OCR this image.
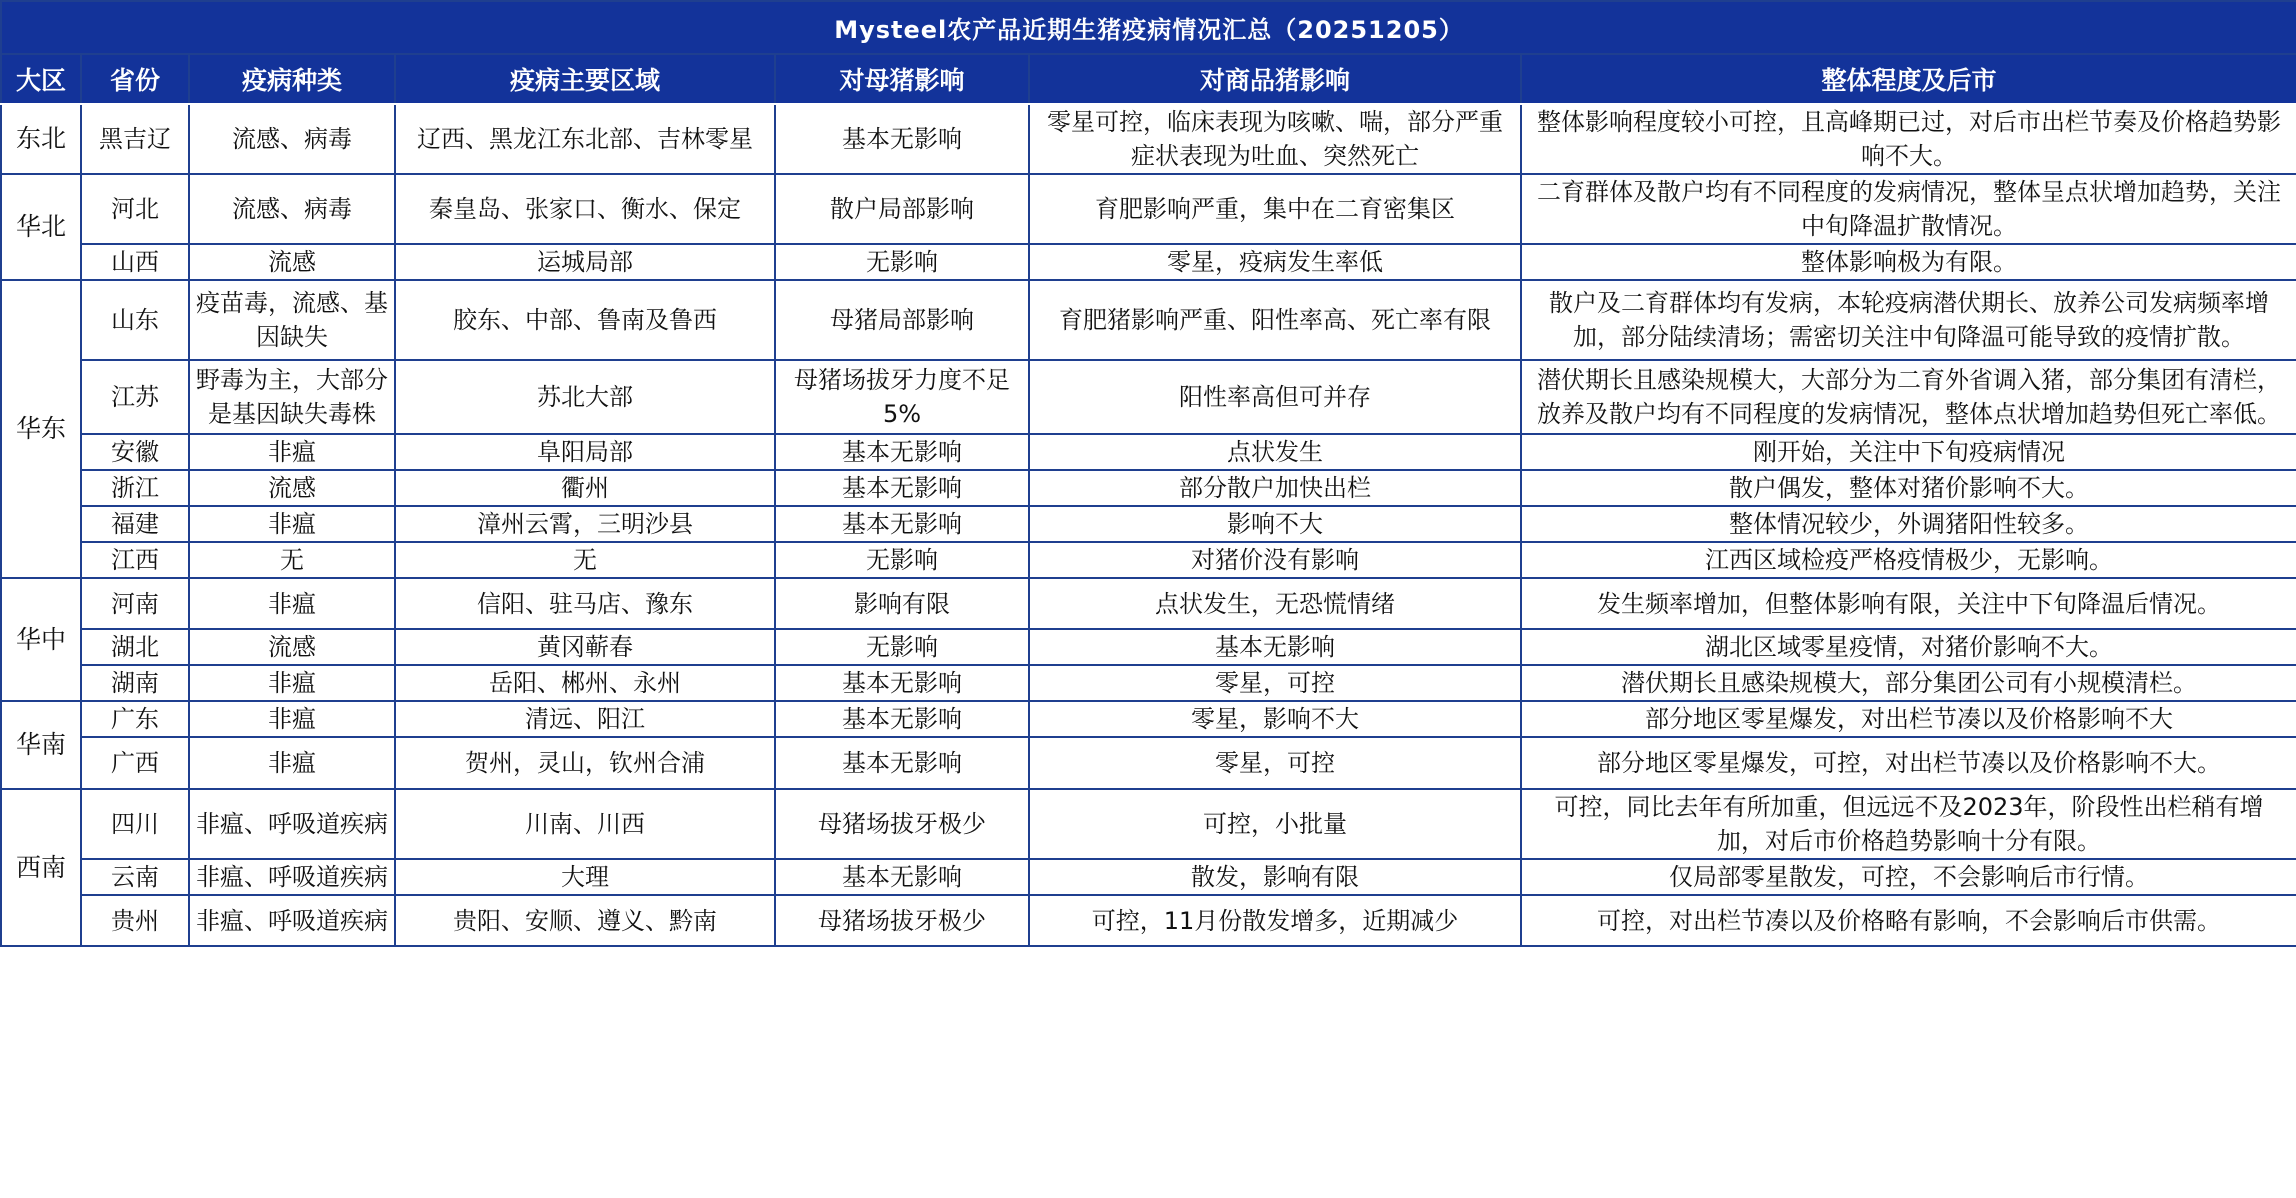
Mysteel农产品近期生猪疫病情况汇总（20251205）						
大区	省份	疫病种类	疫病主要区域	对母猪影响	对商品猪影响	整体程度及后市
东北	黑吉辽	流感、病毒	辽西、黑龙江东北部、吉林零星	基本无影响	零星可控，临床表现为咳嗽、喘，部分严重症状表现为吐血、突然死亡	整体影响程度较小可控，且高峰期已过，对后市出栏节奏及价格趋势影响不大。
华北	河北	流感、病毒	秦皇岛、张家口、衡水、保定	散户局部影响	育肥影响严重，集中在二育密集区	二育群体及散户均有不同程度的发病情况，整体呈点状增加趋势，关注中旬降温扩散情况。
	山西	流感	运城局部	无影响	零星，疫病发生率低	整体影响极为有限。
华东	山东	疫苗毒，流感、基因缺失	胶东、中部、鲁南及鲁西	母猪局部影响	育肥猪影响严重、阳性率高、死亡率有限	散户及二育群体均有发病，本轮疫病潜伏期长、放养公司发病频率增加，部分陆续清场；需密切关注中旬降温可能导致的疫情扩散。
	江苏	野毒为主，大部分是基因缺失毒株	苏北大部	母猪场拔牙力度不足5%	阳性率高但可并存	潜伏期长且感染规模大，大部分为二育外省调入猪，部分集团有清栏，放养及散户均有不同程度的发病情况，整体点状增加趋势但死亡率低。
	安徽	非瘟	阜阳局部	基本无影响	点状发生	刚开始，关注中下旬疫病情况
	浙江	流感	衢州	基本无影响	部分散户加快出栏	散户偶发，整体对猪价影响不大。
	福建	非瘟	漳州云霄，三明沙县	基本无影响	影响不大	整体情况较少，外调猪阳性较多。
	江西	无	无	无影响	对猪价没有影响	江西区域检疫严格疫情极少，无影响。
华中	河南	非瘟	信阳、驻马店、豫东	影响有限	点状发生，无恐慌情绪	发生频率增加，但整体影响有限，关注中下旬降温后情况。
	湖北	流感	黄冈蕲春	无影响	基本无影响	湖北区域零星疫情，对猪价影响不大。
	湖南	非瘟	岳阳、郴州、永州	基本无影响	零星，可控	潜伏期长且感染规模大，部分集团公司有小规模清栏。
华南	广东	非瘟	清远、阳江	基本无影响	零星，影响不大	部分地区零星爆发，对出栏节凑以及价格影响不大
	广西	非瘟	贺州，灵山，钦州合浦	基本无影响	零星，可控	部分地区零星爆发，可控，对出栏节凑以及价格影响不大。
西南	四川	非瘟、呼吸道疾病	川南、川西	母猪场拔牙极少	可控，小批量	可控，同比去年有所加重，但远远不及2023年，阶段性出栏稍有增加，对后市价格趋势影响十分有限。
	云南	非瘟、呼吸道疾病	大理	基本无影响	散发，影响有限	仅局部零星散发，可控，不会影响后市行情。
	贵州	非瘟、呼吸道疾病	贵阳、安顺、遵义、黔南	母猪场拔牙极少	可控，11月份散发增多，近期减少	可控，对出栏节凑以及价格略有影响，不会影响后市供需。
